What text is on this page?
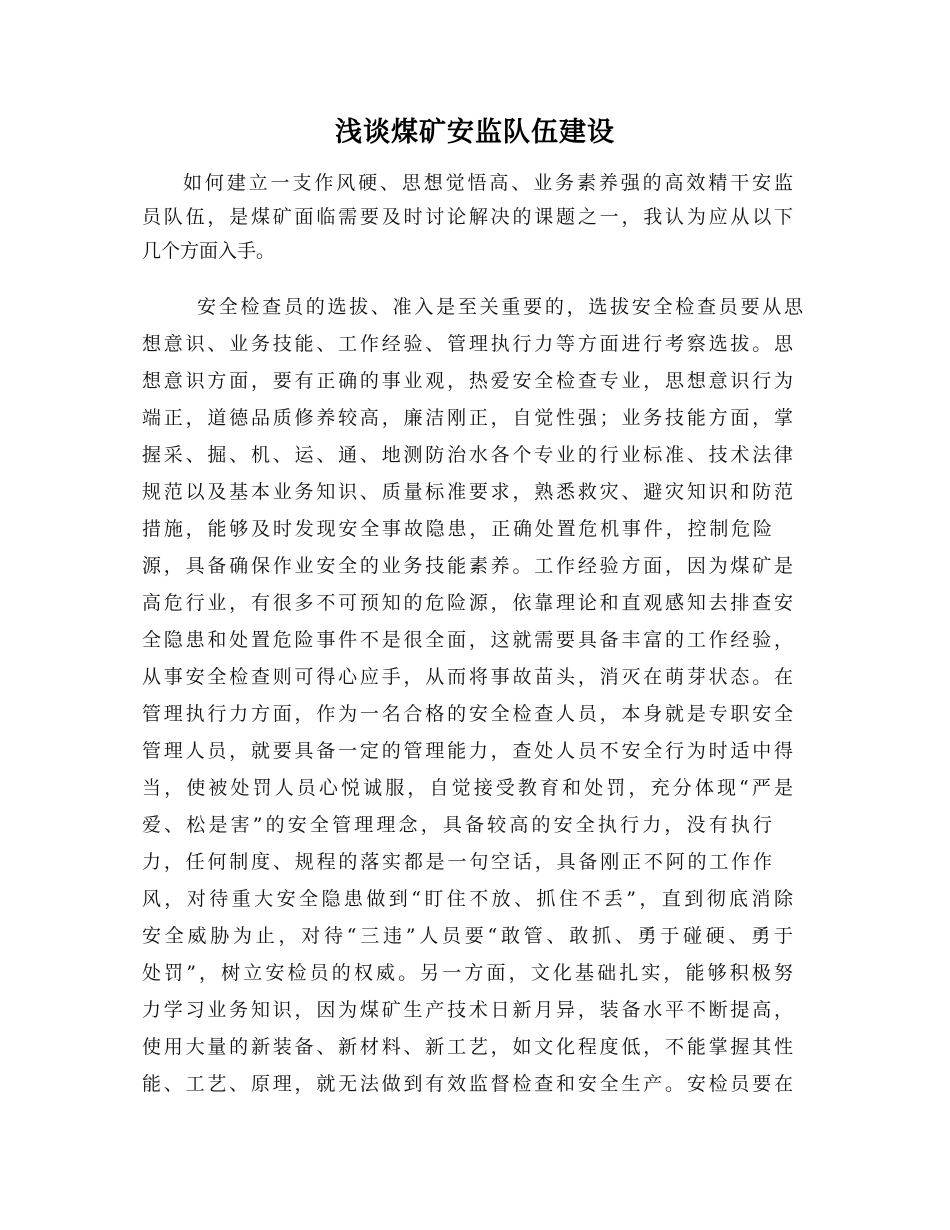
浅谈煤矿安监队伍建设
如何建立一支作风硬、思想觉悟高、业务素养强的高效精干安监
员队伍，是煤矿面临需要及时讨论解决的课题之一，我认为应从以下
几个方面入手。
安全检查员的选拔、准入是至关重要的，选拔安全检查员要从思
想意识、业务技能、工作经验、管理执行力等方面进行考察选拔。思
想意识方面，要有正确的事业观，热爱安全检查专业，思想意识行为
端正，道德品质修养较高，廉洁刚正，自觉性强；业务技能方面，掌
握采、掘、机、运、通、地测防治水各个专业的行业标准、技术法律
规范以及基本业务知识、质量标准要求，熟悉救灾、避灾知识和防范
措施，能够及时发现安全事故隐患，正确处置危机事件，控制危险
源，具备确保作业安全的业务技能素养。工作经验方面，因为煤矿是
高危行业，有很多不可预知的危险源，依靠理论和直观感知去排查安
全隐患和处置危险事件不是很全面，这就需要具备丰富的工作经验，
从事安全检查则可得心应手，从而将事故苗头，消灭在萌芽状态。在
管理执行力方面，作为一名合格的安全检查人员，本身就是专职安全
管理人员，就要具备一定的管理能力，查处人员不安全行为时适中得
当，使被处罚人员心悦诚服，自觉接受教育和处罚，充分体现“严是
爱、松是害”的安全管理理念，具备较高的安全执行力，没有执行
力，任何制度、规程的落实都是一句空话，具备刚正不阿的工作作
风，对待重大安全隐患做到“盯住不放、抓住不丢”，直到彻底消除
安全威胁为止，对待“三违”人员要“敢管、敢抓、勇于碰硬、勇于
处罚”，树立安检员的权威。另一方面，文化基础扎实，能够积极努
力学习业务知识，因为煤矿生产技术日新月异，装备水平不断提高，
使用大量的新装备、新材料、新工艺，如文化程度低，不能掌握其性
能、工艺、原理，就无法做到有效监督检查和安全生产。安检员要在
